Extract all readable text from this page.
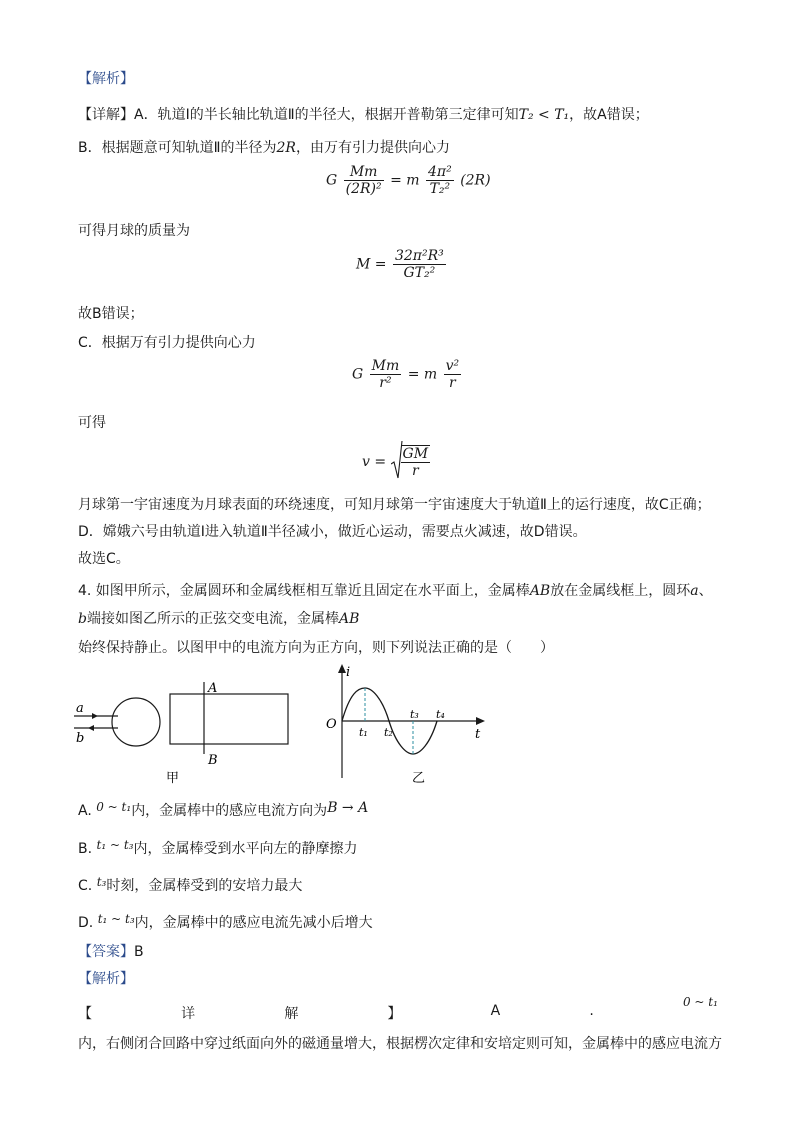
【解析】
【详解】A．轨道Ⅰ的半长轴比轨道Ⅱ的半径大，根据开普勒第三定律可知T₂ < T₁，故A错误；
B．根据题意可知轨道Ⅱ的半径为2R，由万有引力提供向心力
G $\frac{Mm}{\text{(2R)²}} = m \frac{\text{4π²}}{\text{T₂²}} (2R)$
可得月球的质量为
$M = \frac{\text{32π²R³}}{\text{GT₂²}}$
故B错误；
C．根据万有引力提供向心力
G $\frac{Mm}{\text{r²}} = m \frac{\text{v²}}{r}$
可得
$v = \frac{GM}{r}$
月球第一宇宙速度为月球表面的环绕速度，可知月球第一宇宙速度大于轨道Ⅱ上的运行速度，故C正确；
D．嫦娥六号由轨道Ⅰ进入轨道Ⅱ半径减小，做近心运动，需要点火减速，故D错误。
故选C。
4. 如图甲所示，金属圆环和金属线框相互靠近且固定在水平面上，金属棒AB放在金属线框上，圆环a、
b端接如图乙所示的正弦交变电流，金属棒AB
始终保持静止。以图甲中的电流方向为正方向，则下列说法正确的是（　　）
a
b
A
B
甲
i
O
t
t₁ t₂
t₃ t₄
乙
A. 0 ~ t₁内，金属棒中的感应电流方向为B → A
B. t₁ ~ t₃内，金属棒受到水平向左的静摩擦力
C. t₃时刻，金属棒受到的安培力最大
D. t₁ ~ t₃内，金属棒中的感应电流先减小后增大
【答案】B
【解析】
【	详	解	】	A	.
0 ~ t₁
内，右侧闭合回路中穿过纸面向外的磁通量增大，根据楞次定律和安培定则可知，金属棒中的感应电流方
